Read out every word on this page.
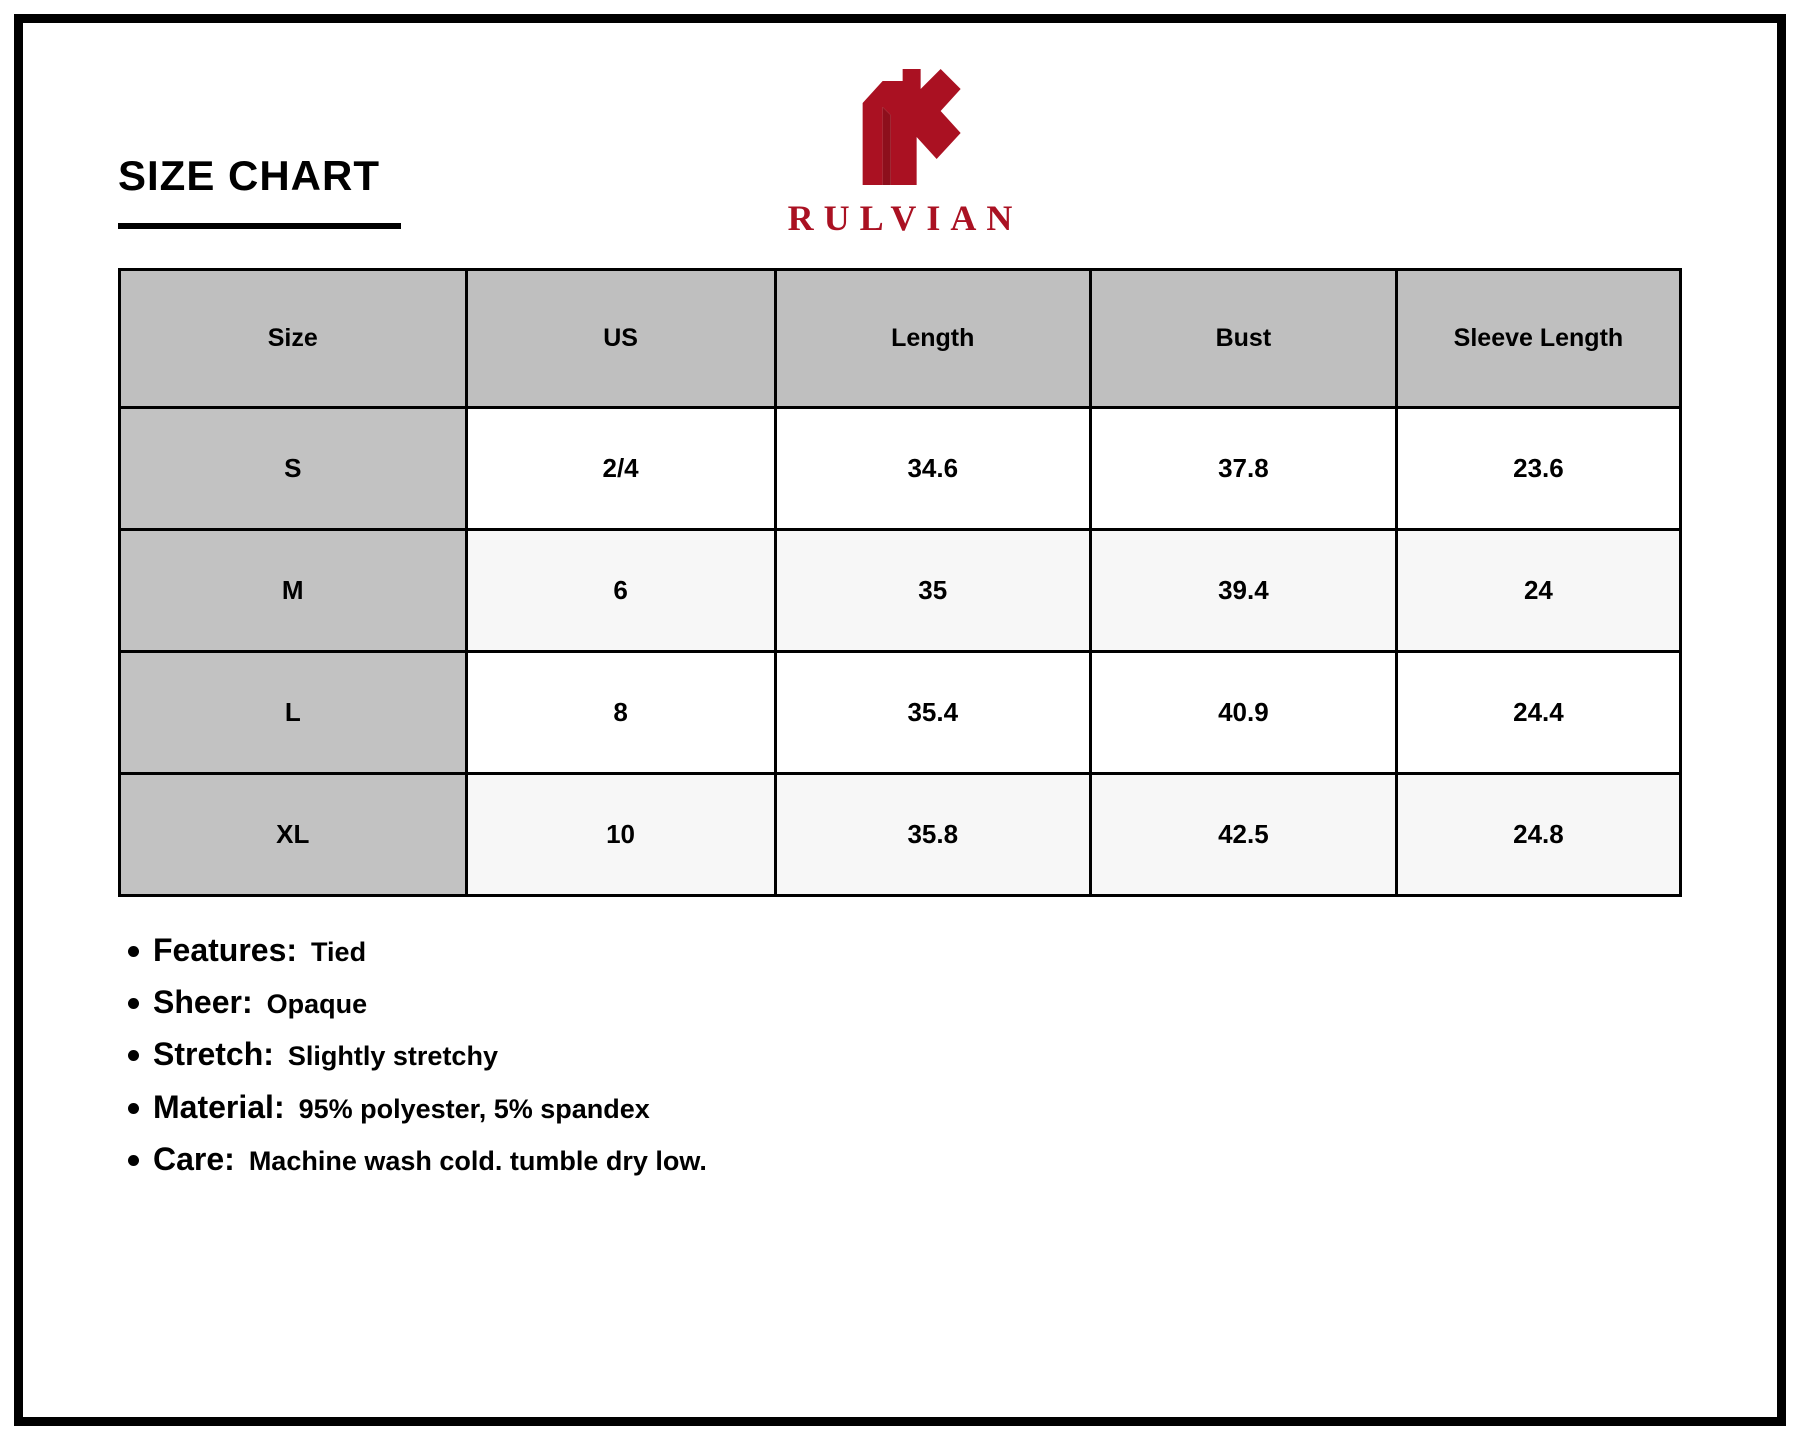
SIZE CHART
RULVIAN
Size	US	Length	Bust	Sleeve Length
S	2/4	34.6	37.8	23.6
M	6	35	39.4	24
L	8	35.4	40.9	24.4
XL	10	35.8	42.5	24.8
Features: Tied
Sheer: Opaque
Stretch: Slightly stretchy
Material: 95% polyester, 5% spandex
Care: Machine wash cold. tumble dry low.
